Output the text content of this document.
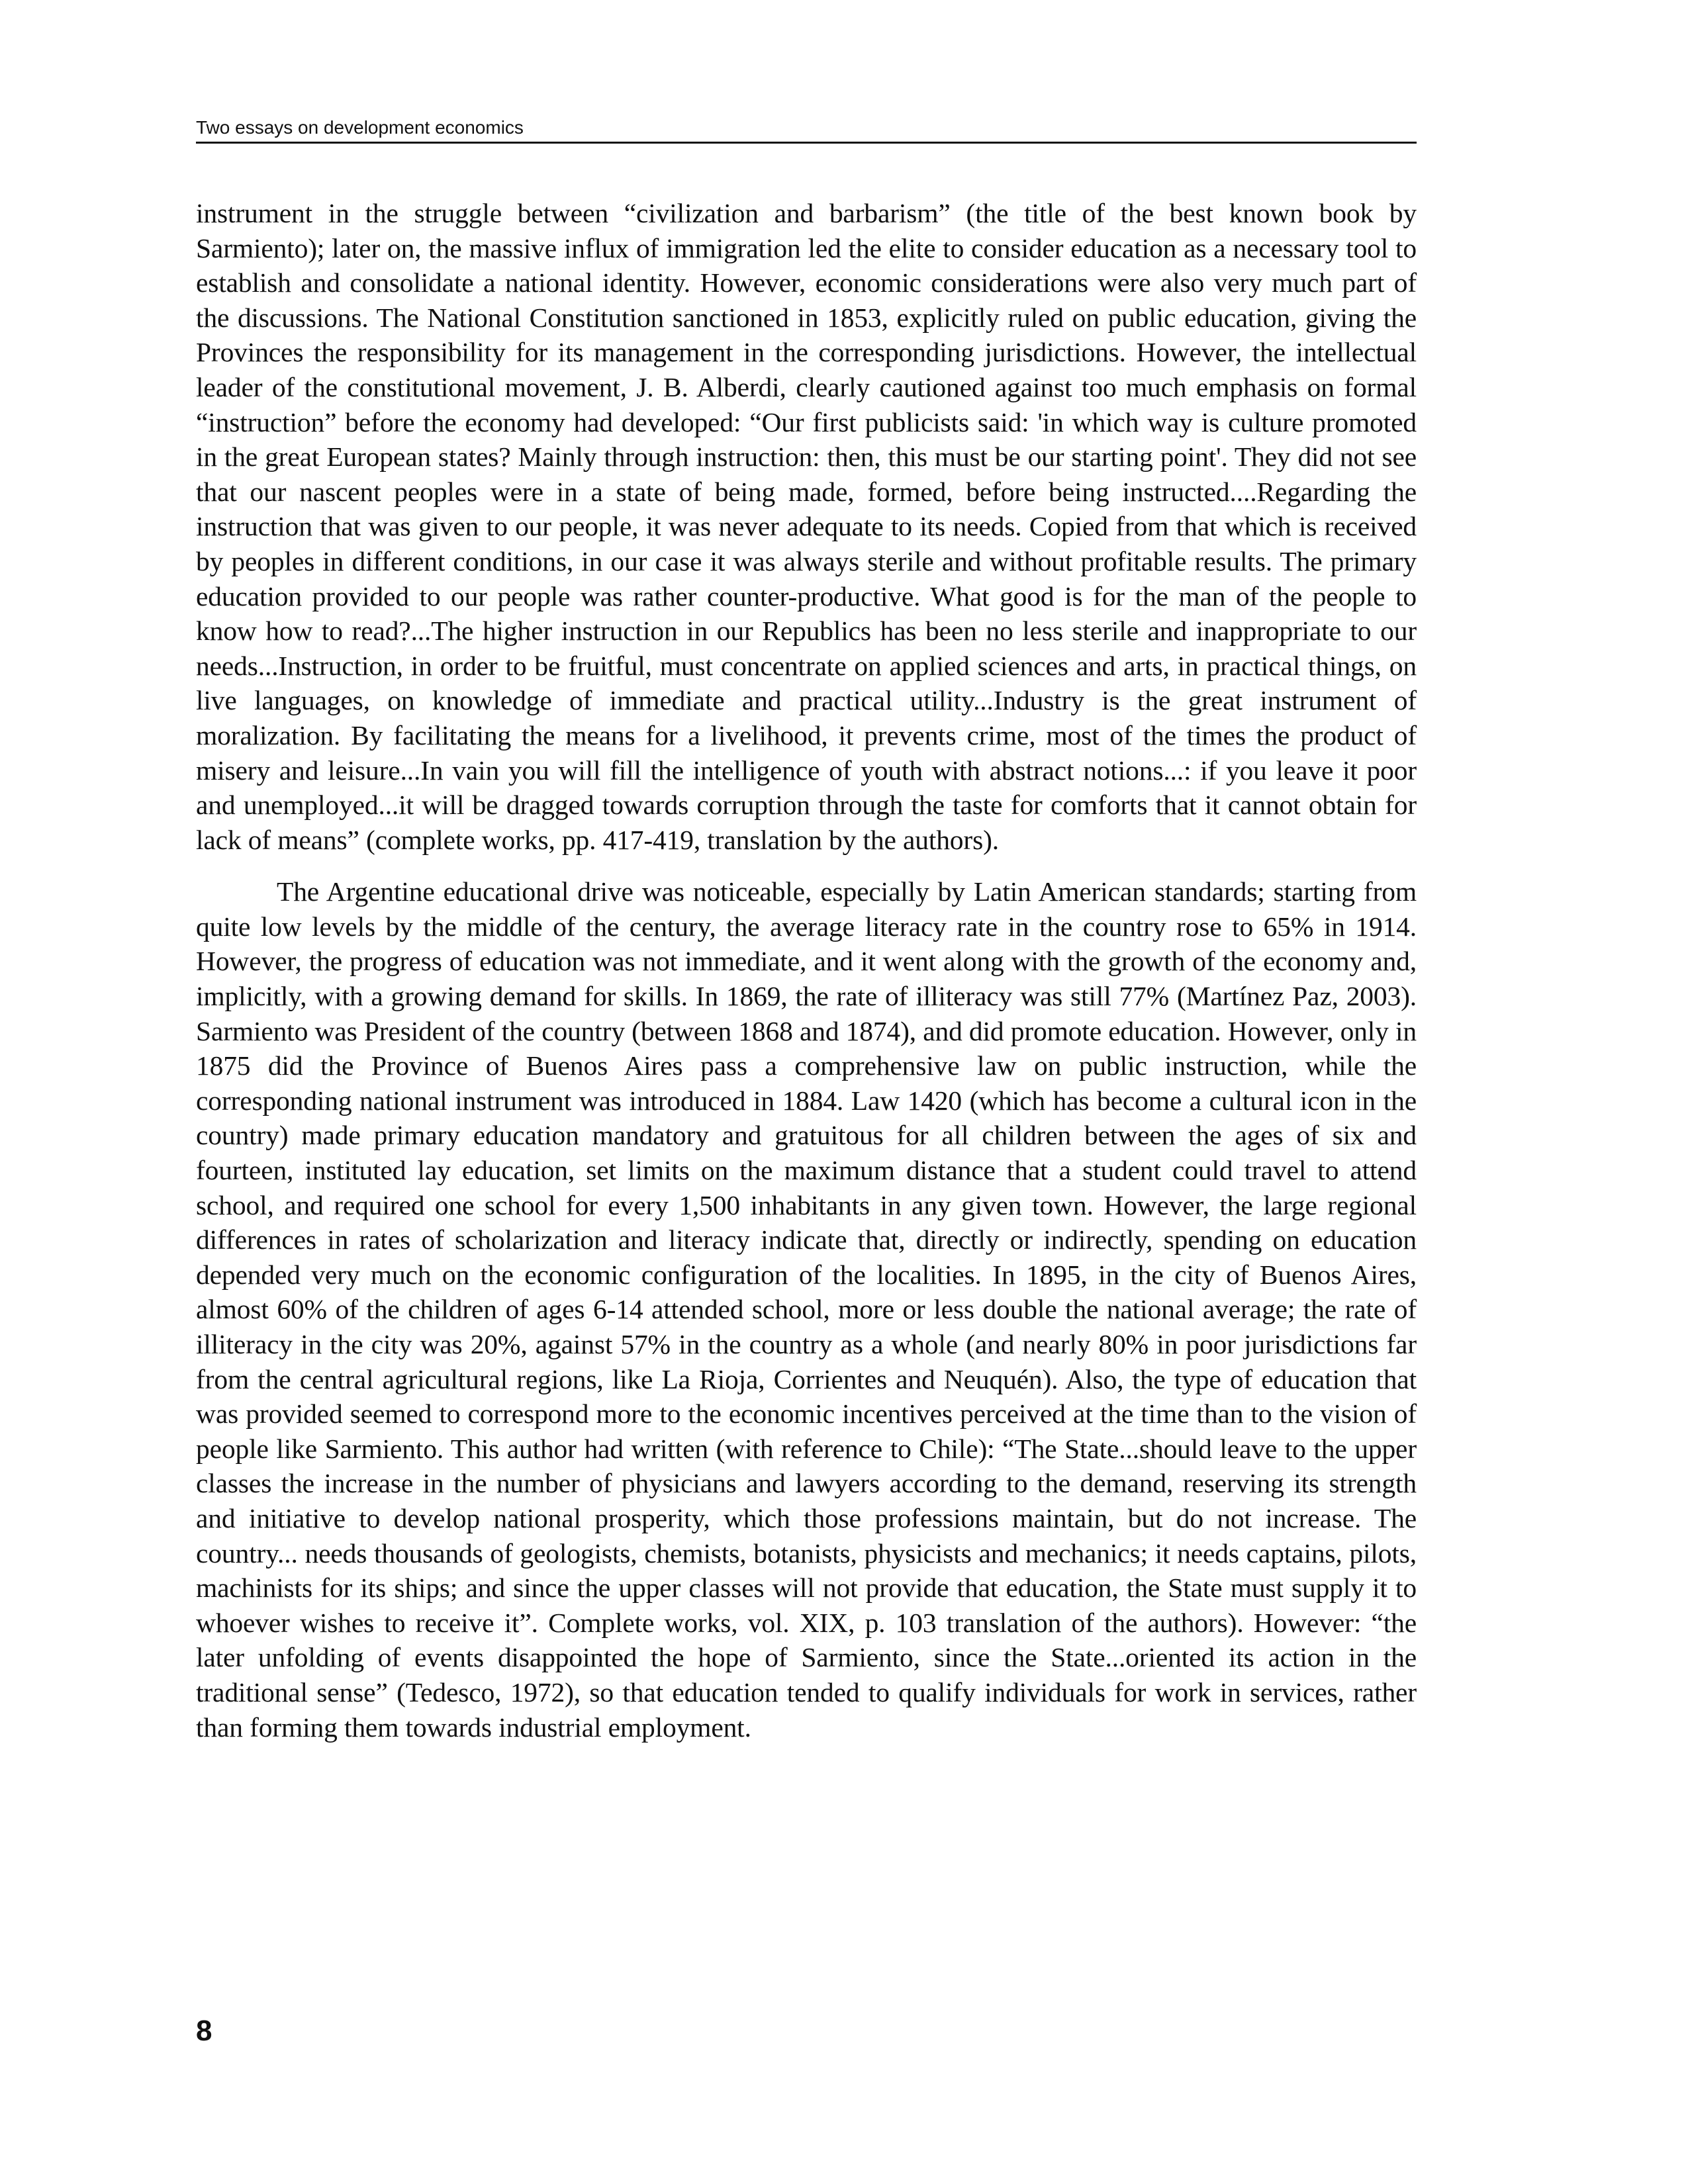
Two essays on development economics

instrument in the struggle between “civilization and barbarism” (the title of the best known book by Sarmiento); later on, the massive influx of immigration led the elite to consider education as a necessary tool to establish and consolidate a national identity. However, economic considerations were also very much part of the discussions. The National Constitution sanctioned in 1853, explicitly ruled on public education, giving the Provinces the responsibility for its management in the corresponding jurisdictions. However, the intellectual leader of the constitutional movement, J. B. Alberdi, clearly cautioned against too much emphasis on formal “instruction” before the economy had developed: “Our first publicists said: 'in which way is culture promoted in the great European states? Mainly through instruction: then, this must be our starting point'. They did not see that our nascent peoples were in a state of being made, formed, before being instructed....Regarding the instruction that was given to our people, it was never adequate to its needs. Copied from that which is received by peoples in different conditions, in our case it was always sterile and without profitable results. The primary education provided to our people was rather counter-productive. What good is for the man of the people to know how to read?...The higher instruction in our Republics has been no less sterile and inappropriate to our needs...Instruction, in order to be fruitful, must concentrate on applied sciences and arts, in practical things, on live languages, on knowledge of immediate and practical utility...Industry is the great instrument of moralization. By facilitating the means for a livelihood, it prevents crime, most of the times the product of misery and leisure...In vain you will fill the intelligence of youth with abstract notions...: if you leave it poor and unemployed...it will be dragged towards corruption through the taste for comforts that it cannot obtain for lack of means” (complete works, pp. 417-419, translation by the authors).

The Argentine educational drive was noticeable, especially by Latin American standards; starting from quite low levels by the middle of the century, the average literacy rate in the country rose to 65% in 1914. However, the progress of education was not immediate, and it went along with the growth of the economy and, implicitly, with a growing demand for skills. In 1869, the rate of illiteracy was still 77% (Martínez Paz, 2003). Sarmiento was President of the country (between 1868 and 1874), and did promote education. However, only in 1875 did the Province of Buenos Aires pass a comprehensive law on public instruction, while the corresponding national instrument was introduced in 1884. Law 1420 (which has become a cultural icon in the country) made primary education mandatory and gratuitous for all children between the ages of six and fourteen, instituted lay education, set limits on the maximum distance that a student could travel to attend school, and required one school for every 1,500 inhabitants in any given town. However, the large regional differences in rates of scholarization and literacy indicate that, directly or indirectly, spending on education depended very much on the economic configuration of the localities. In 1895, in the city of Buenos Aires, almost 60% of the children of ages 6-14 attended school, more or less double the national average; the rate of illiteracy in the city was 20%, against 57% in the country as a whole (and nearly 80% in poor jurisdictions far from the central agricultural regions, like La Rioja, Corrientes and Neuquén). Also, the type of education that was provided seemed to correspond more to the economic incentives perceived at the time than to the vision of people like Sarmiento. This author had written (with reference to Chile): “The State...should leave to the upper classes the increase in the number of physicians and lawyers according to the demand, reserving its strength and initiative to develop national prosperity, which those professions maintain, but do not increase. The country... needs thousands of geologists, chemists, botanists, physicists and mechanics; it needs captains, pilots, machinists for its ships; and since the upper classes will not provide that education, the State must supply it to whoever wishes to receive it”. Complete works, vol. XIX, p. 103 translation of the authors). However: “the later unfolding of events disappointed the hope of Sarmiento, since the State...oriented its action in the traditional sense” (Tedesco, 1972), so that education tended to qualify individuals for work in services, rather than forming them towards industrial employment.

8
